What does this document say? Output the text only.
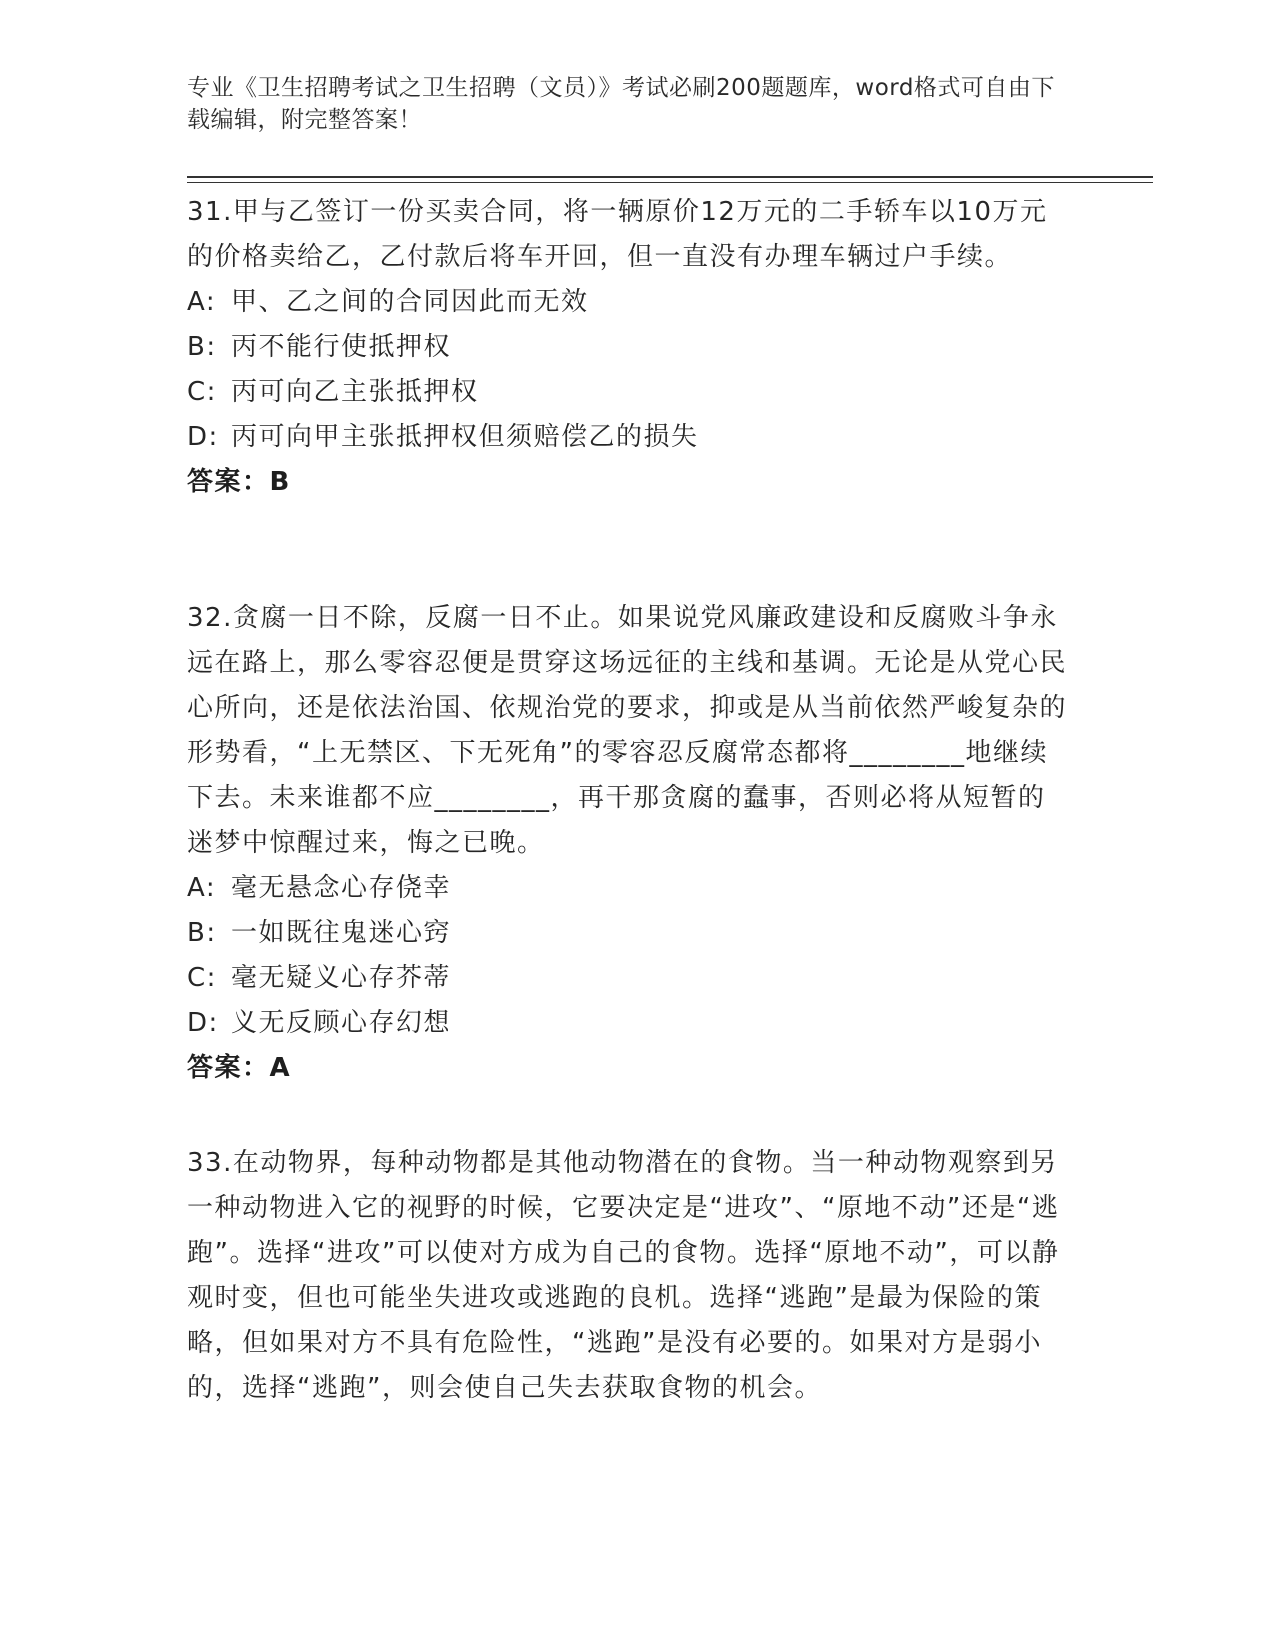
专业《卫生招聘考试之卫生招聘（文员）》考试必刷200题题库，word格式可自由下载编辑，附完整答案！
31.甲与乙签订一份买卖合同，将一辆原价12万元的二手轿车以10万元的价格卖给乙，乙付款后将车开回，但一直没有办理车辆过户手续。
A: 甲、乙之间的合同因此而无效
B: 丙不能行使抵押权
C: 丙可向乙主张抵押权
D: 丙可向甲主张抵押权但须赔偿乙的损失
答案：B
32.贪腐一日不除，反腐一日不止。如果说党风廉政建设和反腐败斗争永远在路上，那么零容忍便是贯穿这场远征的主线和基调。无论是从党心民心所向，还是依法治国、依规治党的要求，抑或是从当前依然严峻复杂的形势看，“上无禁区、下无死角”的零容忍反腐常态都将________地继续下去。未来谁都不应________，再干那贪腐的蠢事，否则必将从短暂的迷梦中惊醒过来，悔之已晚。
A: 毫无悬念心存侥幸
B: 一如既往鬼迷心窍
C: 毫无疑义心存芥蒂
D: 义无反顾心存幻想
答案：A
33.在动物界，每种动物都是其他动物潜在的食物。当一种动物观察到另一种动物进入它的视野的时候，它要决定是“进攻”、“原地不动”还是“逃跑”。选择“进攻”可以使对方成为自己的食物。选择“原地不动”，可以静观时变，但也可能坐失进攻或逃跑的良机。选择“逃跑”是最为保险的策略，但如果对方不具有危险性，“逃跑”是没有必要的。如果对方是弱小的，选择“逃跑”，则会使自己失去获取食物的机会。
